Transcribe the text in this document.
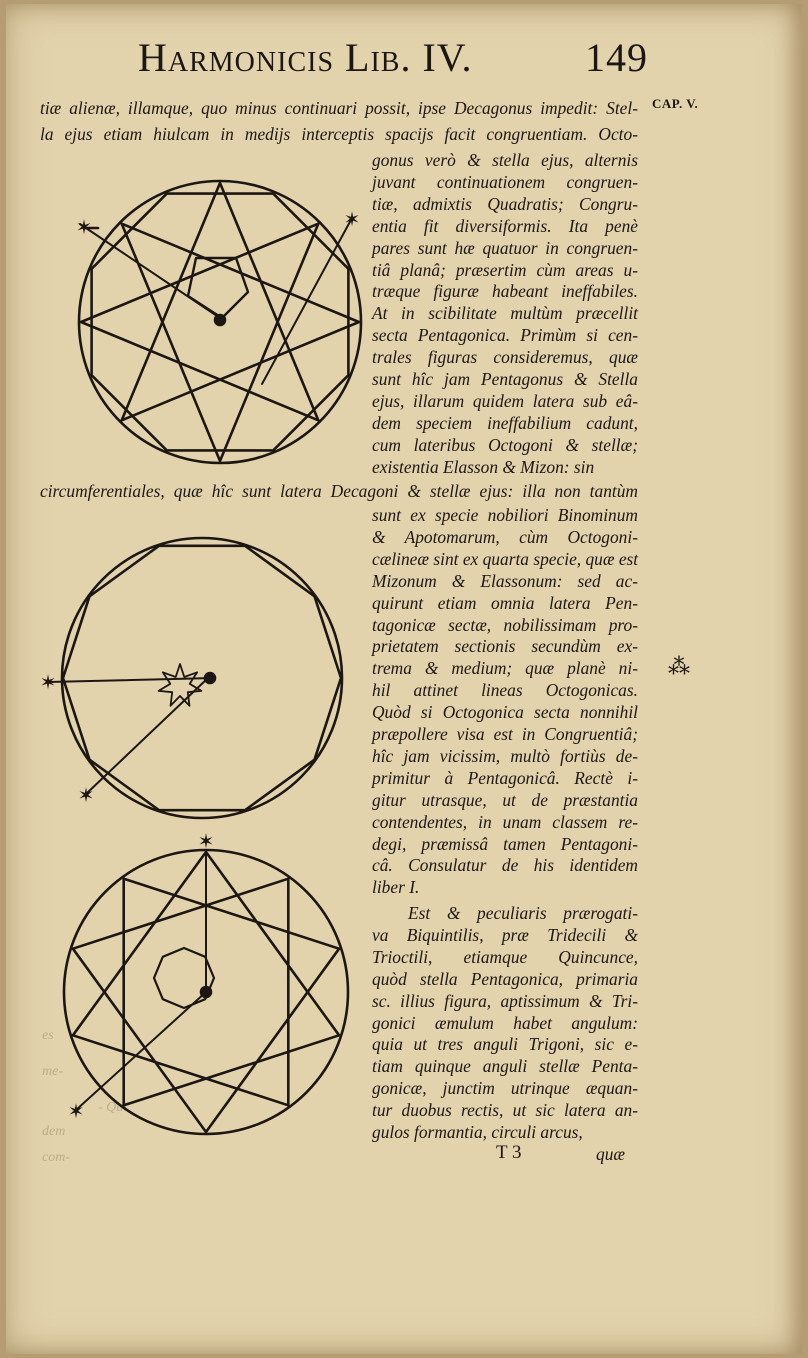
Harmonicis Lib. IV.	149
CAP. V.
es
me-
- Qui
dem
com-
✶	✶
✶
✶
✶
✶
tiæ alienæ, illamque, quo minus continuari possit, ipse Decagonus impedit: Stel-
la ejus etiam hiulcam in medijs interceptis spacijs facit congruentiam. Octo-
gonus verò & stella ejus, alternis
juvant continuationem congruen-
tiæ, admixtis Quadratis; Congru-
entia fit diversiformis. Ita penè
pares sunt hæ quatuor in congruen-
tiâ planâ; præsertim cùm areas u-
træque figuræ habeant ineffabiles.
At in scibilitate multùm præcellit
secta Pentagonica. Primùm si cen-
trales figuras consideremus, quæ
sunt hîc jam Pentagonus & Stella
ejus, illarum quidem latera sub eâ-
dem speciem ineffabilium cadunt,
cum lateribus Octogoni & stellæ;
existentia Elasson & Mizon: sin
circumferentiales, quæ hîc sunt latera Decagoni & stellæ ejus: illa non tantùm
sunt ex specie nobiliori Binominum
& Apotomarum, cùm Octogoni-
cælineæ sint ex quarta specie, quæ est
Mizonum & Elassonum: sed ac-
quirunt etiam omnia latera Pen-
tagonicæ sectæ, nobilissimam pro-
prietatem sectionis secundùm ex-
trema & medium; quæ planè ni-
hil attinet lineas Octogonicas.
Quòd si Octogonica secta nonnihil
præpollere visa est in Congruentiâ;
hîc jam vicissim, multò fortiùs de-
primitur à Pentagonicâ. Rectè i-
gitur utrasque, ut de præstantia
contendentes, in unam classem re-
degi, præmissâ tamen Pentagoni-
câ. Consulatur de his identidem
liber I.
Est & peculiaris prærogati-
va Biquintilis, præ Tridecili &
Trioctili, etiamque Quincunce,
quòd stella Pentagonica, primaria
sc. illius figura, aptissimum & Tri-
gonici æmulum habet angulum:
quia ut tres anguli Trigoni, sic e-
tiam quinque anguli stellæ Penta-
gonicæ, junctim utrinque æquan-
tur duobus rectis, ut sic latera an-
gulos formantia, circuli arcus,
⁂
T 3	quæ
